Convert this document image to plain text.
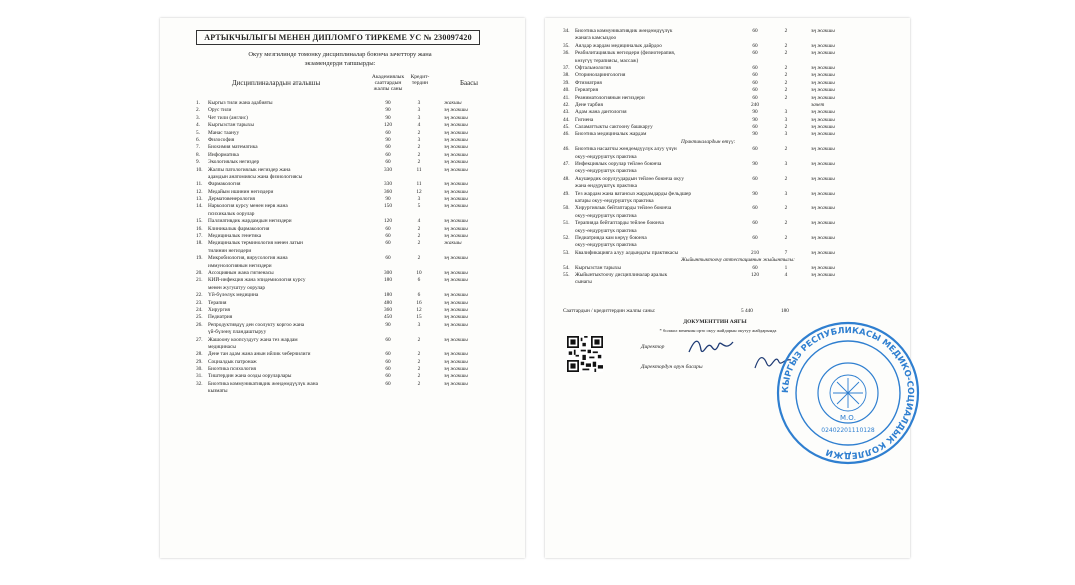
АРТЫКЧЫЛЫГЫ МЕНЕН ДИПЛОМГО ТИРКЕМЕ УС № 230097420
Окуу мезгилинде томонку дисциплиналар боюнча зачеттору жана
экзамендерди тапшырды:
Дисциплиналардын аталышы
Академиялык сааттардын жалпы саны
Кредит-тердин	Баасы
1.	Кыргыз тили жана адабияты	90	3	жакшы
2.	Орус тили	90	3	эң жакшы
3.	Чет тили (англис)	90	3	эң жакшы
4.	Кыргызстан тарыхы	120	4	эң жакшы
5.	Манас таануу	60	2	эң жакшы
6.	Философия	90	3	эң жакшы
7.	Биохимия математика	60	2	эң жакшы
8.	Информатика	60	2	эң жакшы
9.	Экологиялык негиздер	60	2	эң жакшы
10.	Жалпы патологиялык негиздер жана	330	11	эң жакшы
адамдын анатомиясы жана физиологиясы
11.	Фармакология	330	11	эң жакшы
12.	Медайым ишинин негиздери	360	12	эң жакшы
13.	Дерматовенерология	90	3	эң жакшы
14.	Наркология курсу менен нерв жана	150	5	эң жакшы
психикалык оорулар
15.	Паллиативдик жардамдын негиздери	120	4	эң жакшы
16.	Клиникалык фармакология	60	2	эң жакшы
17.	Медициналык генетика	60	2	эң жакшы
18.	Медициналык терминология менен латын	60	2	жакшы
тилинин негиздери
19.	Микробиология, вирусология жана	60	2	эң жакшы
иммунологиянын негиздери
20.	Ассоциянын жана гигиенасы	300	10	эң жакшы
21.	КИЙ-инфекция жана эпидемиология курсу	180	6	эң жакшы
менен жугуштуу оорулар
22.	Үй-бүлөлүк медицина	180	6	эң жакшы
23.	Терапия	480	16	эң жакшы
24.	Хирургия	360	12	эң жакшы
25.	Педиатрия	450	15	эң жакшы
26.	Репродуктивдүү ден соолукту коргоо жана	90	3	эң жакшы
үй-бүлөнү пландаштыруу
27.	Жашоону коопсуздугу жана тез жардам	60	2	эң жакшы
медицинасы
28.	Дене тан адам жана анын ийлик чеберчилиги	60	2	эң жакшы
29.	Социалдык патронаж	60	2	эң жакшы
30.	Биоэтика психология	60	2	эң жакшы
31.	Тиштердин жана оозды ооруларлары	60	2	эң жакшы
32.	Биоэтика коммуникативдик жөндөмдүүлүк жана	60	2	эң жакшы
кызматы
34.	Биоэтика коммуникативдик жөндөмдүүлүк	60	2	эң жакшы
жанага камсыздоо
35.	Аялдар жардам медициналык дайрдоо	60	2	эң жакшы
36.	Реабилитациялык негиздери (физиотерапия,	60	2	эң жакшы
көзүгүү терапиясы, массаж)
37.	Офтальмология	60	2	эң жакшы
38.	Оториноларингология	60	2	эң жакшы
39.	Фтизиатрия	60	2	эң жакшы
40.	Гериатрия	60	2	эң жакшы
41.	Реаниматологиянын негиздери	60	2	эң жакшы
42.	Дене тарбия	240	зачет
43.	Адам жана дантология	90	3	эң жакшы
44.	Гигиена	90	3	эң жакшы
45.	Саламаттыкты сактоону башкаруу	60	2	эң жакшы
46.	Биоэтика медициналык жардам	90	3	эң жакшы
Практикалардын өтүү:
46.	Биоэтика насаатчы жөндөмдүүлүк алуу үчүн	60	2	эң жакшы
окуу-өндүрүштүк практика
47.	Инфекциялык оорулар тейлөө боюнча	90	3	эң жакшы
окуу-өндүрүштүк практика
48.	Акушердик оорулуудардын тейлөө боюнча окуу	60	2	эң жакшы
жана өндүрүштүк практика
49.	Тез жардам жана ватансыз жардамдарды фельдшер	90	3	эң жакшы
катары окуу-өндүрүштүк практика
50.	Хирургиялык бейтаптарды тейлөө боюнча	60	2	эң жакшы
окуу-өндүрүштүк практика
51.	Терапияда бейтаптарды тейлөө боюнча	60	2	эң жакшы
окуу-өндүрүштүк практика
52.	Педиатрияда кам көрүү боюнча	60	2	эң жакшы
окуу-өндүрүштүк практика
53.	Квалификацияга алуу алдындагы практикасы	210	7	эң жакшы
Жыйынтыктоочу аттестациянын жыйынтыгы:
54.	Кыргызстан тарыхы	60	1	эң жакшы
55.	Жыйынтыктоочу дисциплиналар аралык	120	4	эң жакшы
сынагы
Сааттардын / кредиттердин жалпы саны:	5 440	180
ДОКУМЕНТТИН АЯГЫ
* болжол мененин орто окуу жайдарын окутуу жайдарында
Директор
Директордун орун басары
КЫРГЫЗ РЕСПУБЛИКАСЫ МЕДИКО-СОЦИАЛДЫК КОЛЛЕДЖИ
М.О.
02402201110128
